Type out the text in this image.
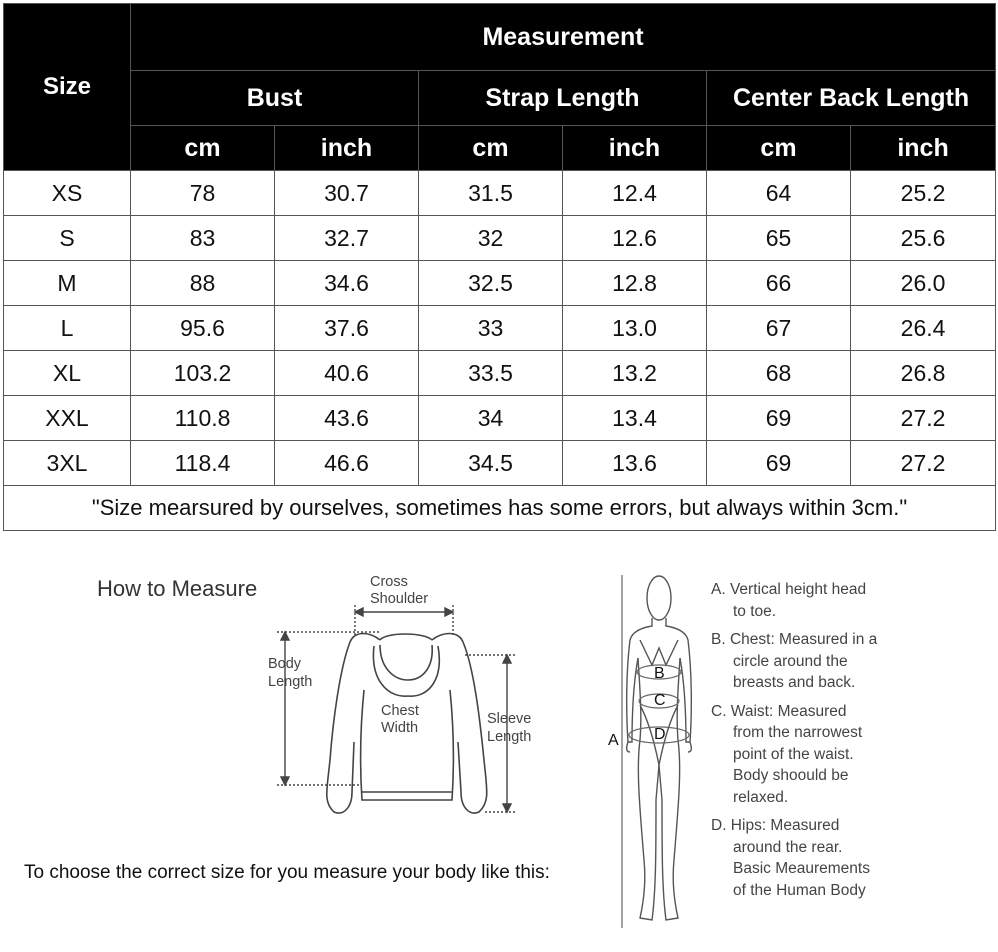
Size	Measurement					
	Bust		Strap Length		Center Back Length	
	cm	inch	cm	inch	cm	inch
XS	78	30.7	31.5	12.4	64	25.2
S	83	32.7	32	12.6	65	25.6
M	88	34.6	32.5	12.8	66	26.0
L	95.6	37.6	33	13.0	67	26.4
XL	103.2	40.6	33.5	13.2	68	26.8
XXL	110.8	43.6	34	13.4	69	27.2
3XL	118.4	46.6	34.5	13.6	69	27.2
"Size mearsured by ourselves, sometimes has some errors, but always within 3cm."						
How to Measure	Cross
Shoulder
Body
Length
Chest
Width
Sleeve
Length
To choose the correct size for you measure your body like this:
A
B
C
D
A. Vertical height head
to toe.
B. Chest: Measured in a
circle around the
breasts and back.
C. Waist: Measured
from the narrowest
point of the waist.
Body shoould be
relaxed.
D. Hips: Measured
around the rear.
Basic Meaurements
of the Human Body
